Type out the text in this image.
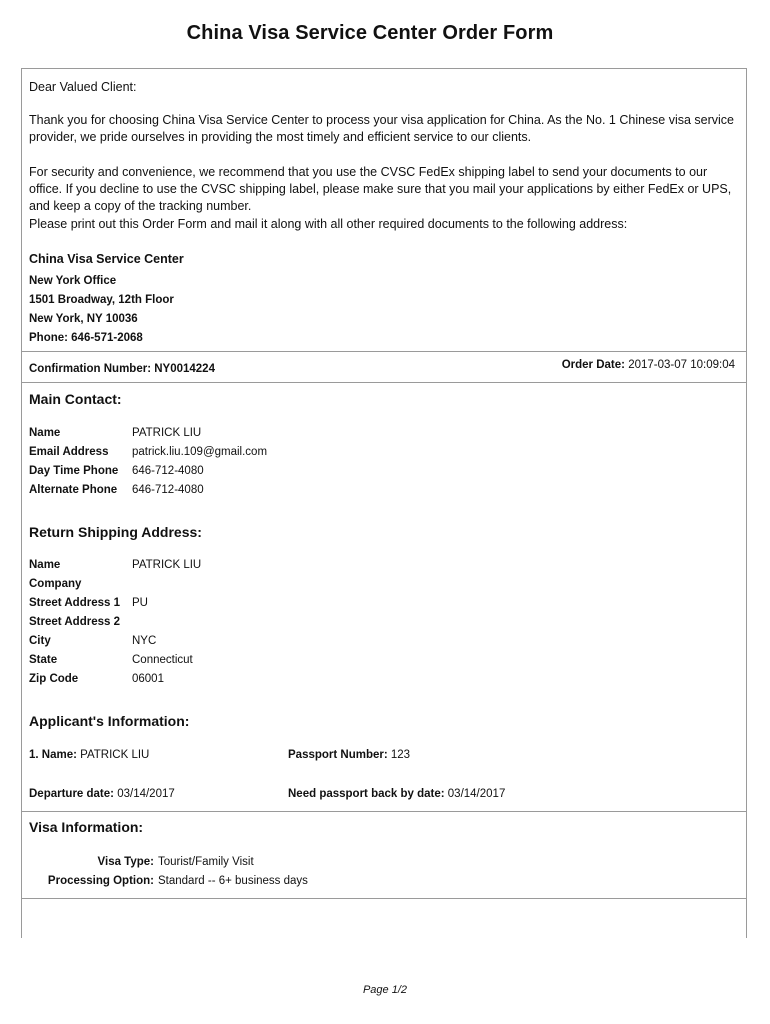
China Visa Service Center Order Form
Dear Valued Client:
Thank you for choosing China Visa Service Center to process your visa application for China. As the No. 1 Chinese visa service provider, we pride ourselves in providing the most timely and efficient service to our clients.
For security and convenience, we recommend that you use the CVSC FedEx shipping label to send your documents to our office. If you decline to use the CVSC shipping label, please make sure that you mail your applications by either FedEx or UPS, and keep a copy of the tracking number.
Please print out this Order Form and mail it along with all other required documents to the following address:
China Visa Service Center
New York Office
1501 Broadway, 12th Floor
New York, NY 10036
Phone: 646-571-2068
Confirmation Number: NY0014224	Order Date: 2017-03-07 10:09:04
Main Contact:
Name	PATRICK LIU
Email Address patrick.liu.109@gmail.com
Day Time Phone 646-712-4080
Alternate Phone 646-712-4080
Return Shipping Address:
Name	PATRICK LIU
Company
Street Address 1 PU
Street Address 2
City	NYC
State	Connecticut
Zip Code	06001
Applicant's Information:
1. Name: PATRICK LIU	Passport Number: 123
Departure date: 03/14/2017	Need passport back by date: 03/14/2017
Visa Information:
Visa Type: Tourist/Family Visit
Processing Option: Standard -- 6+ business days
Page 1/2
